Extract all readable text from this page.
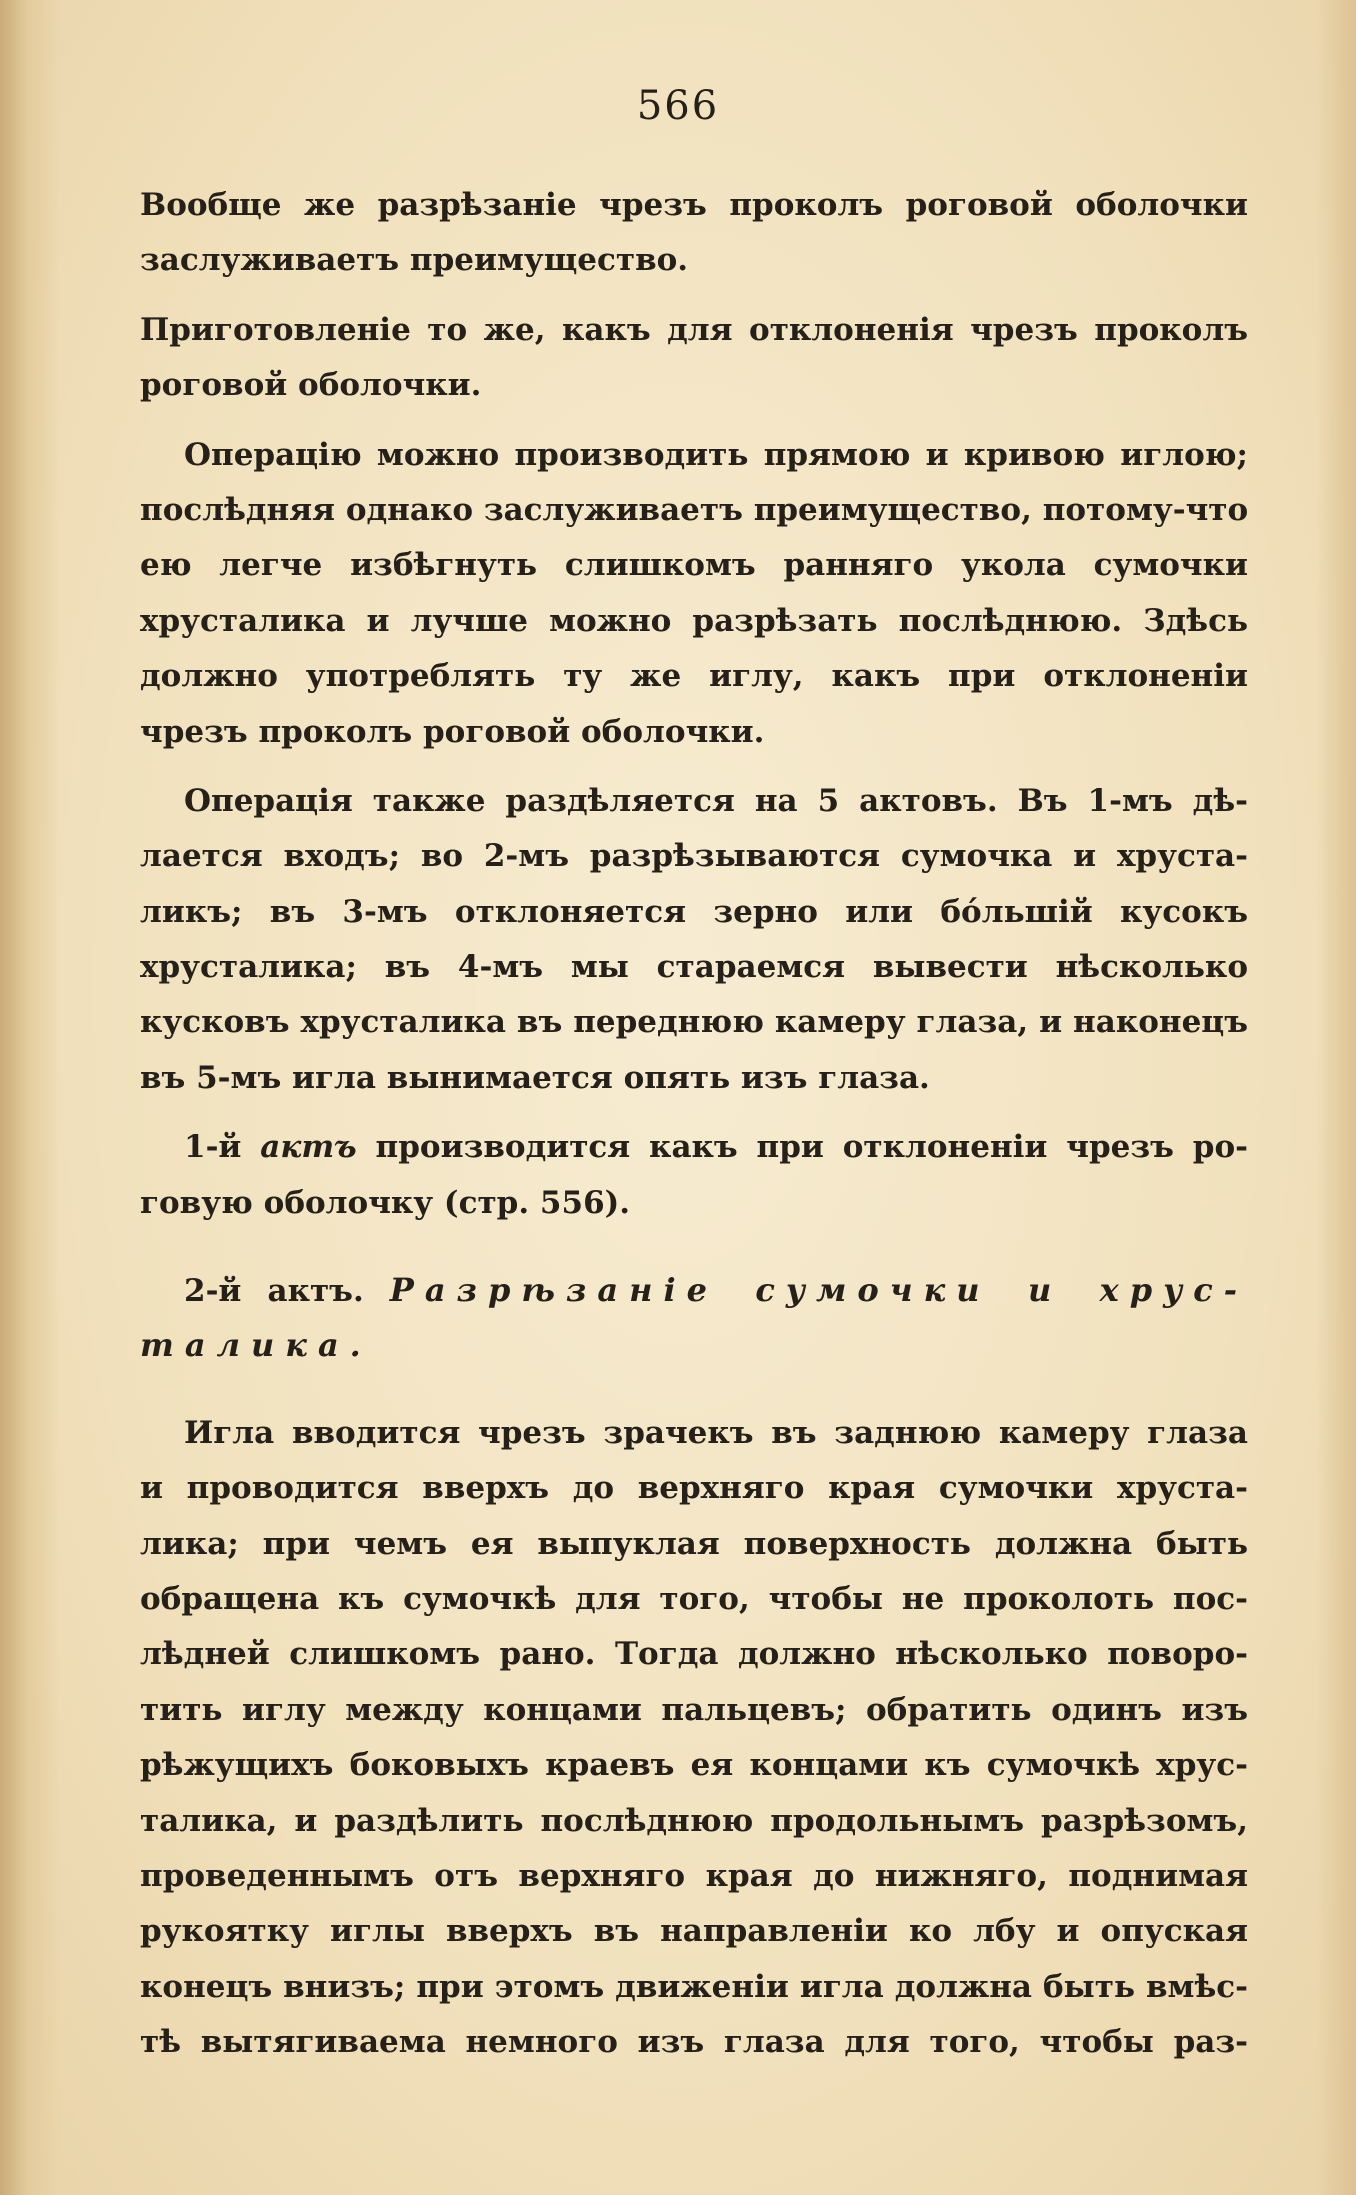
566
Вообще же разрѣзаніе чрезъ проколъ роговой оболочки
заслуживаетъ преимущество.
Приготовленіе то же, какъ для отклоненія чрезъ проколъ
роговой оболочки.
Операцію можно производить прямою и кривою иглою;
послѣдняя однако заслуживаетъ преимущество, потому-что
ею легче избѣгнуть слишкомъ ранняго укола сумочки
хрусталика и лучше можно разрѣзать послѣднюю. Здѣсь
должно употреблять ту же иглу, какъ при отклоненіи
чрезъ проколъ роговой оболочки.
Операція также раздѣляется на 5 актовъ. Въ 1-мъ дѣ-
лается входъ; во 2-мъ разрѣзываются сумочка и хруста-
ликъ; въ 3-мъ отклоняется зерно или бóльшій кусокъ
хрусталика; въ 4-мъ мы стараемся вывести нѣсколько
кусковъ хрусталика въ переднюю камеру глаза, и наконецъ
въ 5-мъ игла вынимается опять изъ глаза.
1-й актъ производится какъ при отклоненіи чрезъ ро-
говую оболочку (стр. 556).
2-й актъ. Разрѣзаніе сумочки и хрус-
талика.
Игла вводится чрезъ зрачекъ въ заднюю камеру глаза
и проводится вверхъ до верхняго края сумочки хруста-
лика; при чемъ ея выпуклая поверхность должна быть
обращена къ сумочкѣ для того, чтобы не проколоть пос-
лѣдней слишкомъ рано. Тогда должно нѣсколько поворо-
тить иглу между концами пальцевъ; обратить одинъ изъ
рѣжущихъ боковыхъ краевъ ея концами къ сумочкѣ хрус-
талика, и раздѣлить послѣднюю продольнымъ разрѣзомъ,
проведеннымъ отъ верхняго края до нижняго, поднимая
рукоятку иглы вверхъ въ направленіи ко лбу и опуская
конецъ внизъ; при этомъ движеніи игла должна быть вмѣс-
тѣ вытягиваема немного изъ глаза для того, чтобы раз-
